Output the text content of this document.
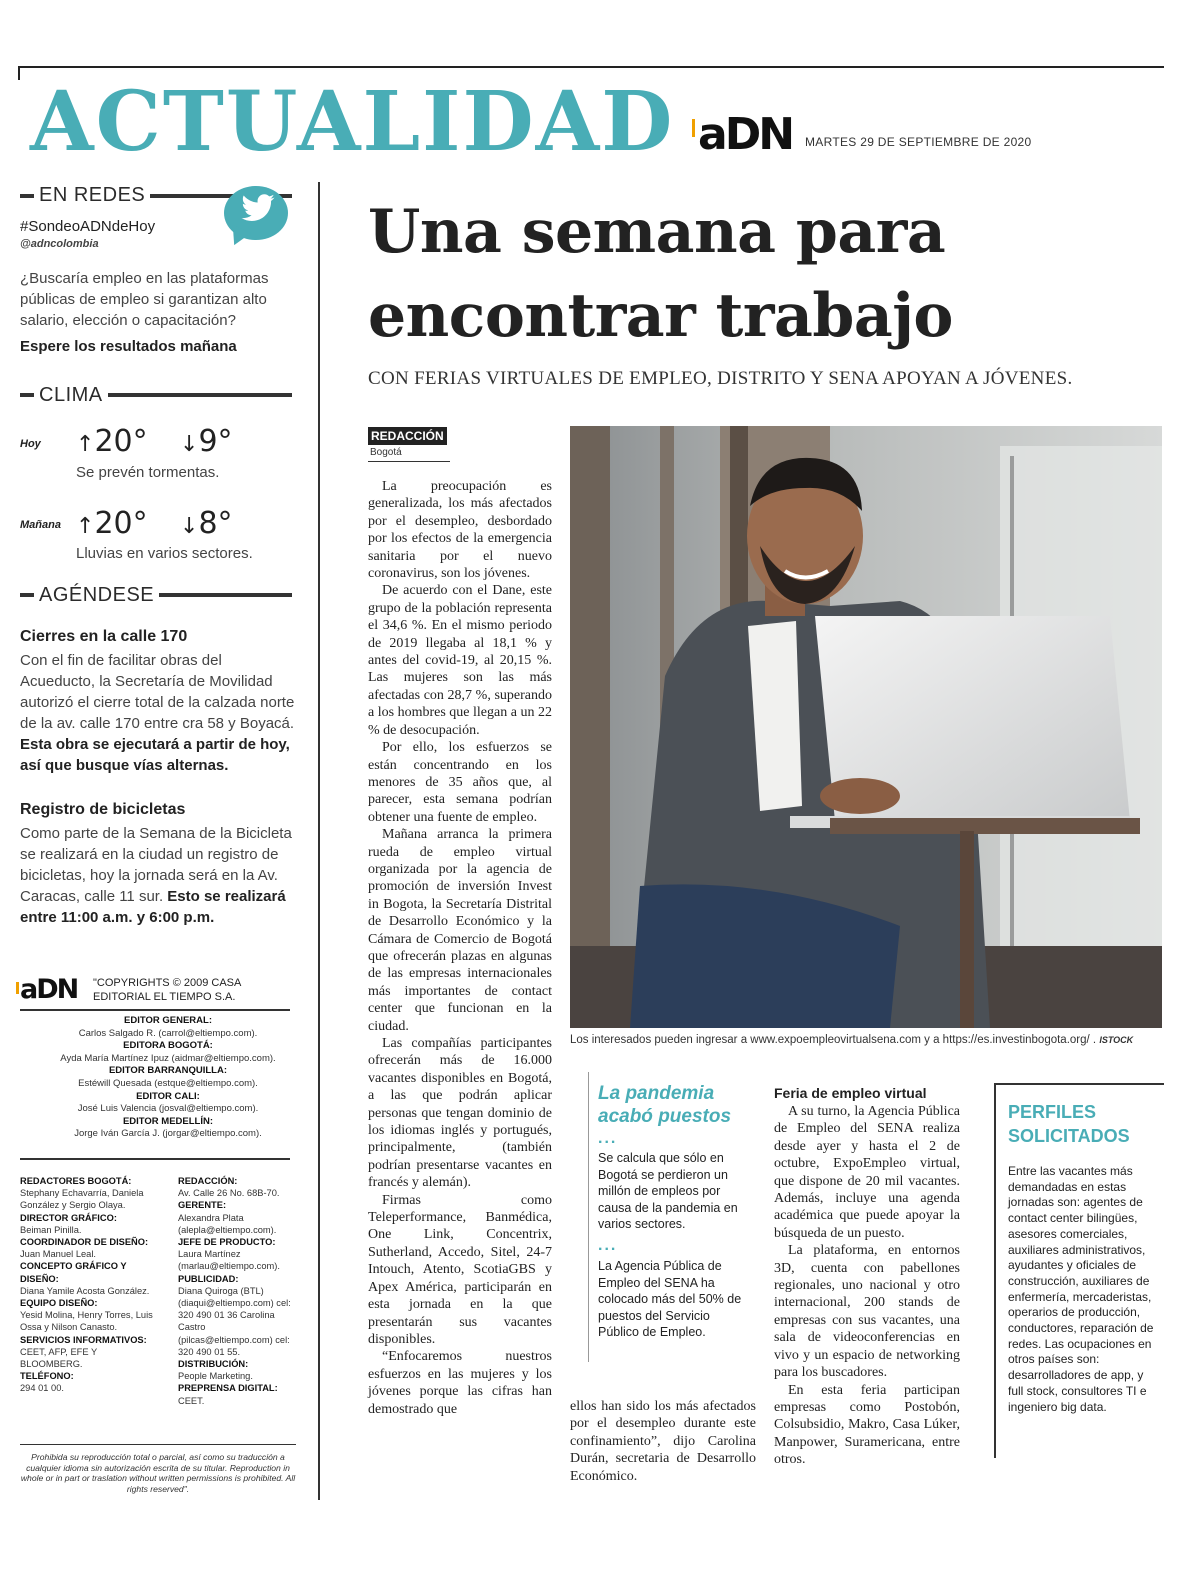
ACTUALIDAD aDN MARTES 29 DE SEPTIEMBRE DE 2020
EN REDES
#SondeoADNdeHoy
@adncolombia
¿Buscaría empleo en las plataformas públicas de empleo si garantizan alto salario, elección o capacitación?
Espere los resultados mañana
CLIMA
Hoy ↑20° ↓9°
Se prevén tormentas.
Mañana ↑20° ↓8°
Lluvias en varios sectores.
AGÉNDESE
Cierres en la calle 170
Con el fin de facilitar obras del Acueducto, la Secretaría de Movilidad autorizó el cierre total de la calzada norte de la av. calle 170 entre cra 58 y Boyacá. Esta obra se ejecutará a partir de hoy, así que busque vías alternas.
Registro de bicicletas
Como parte de la Semana de la Bicicleta se realizará en la ciudad un registro de bicicletas, hoy la jornada será en la Av. Caracas, calle 11 sur. Esto se realizará entre 11:00 a.m. y 6:00 p.m.
aDN "COPYRIGHTS © 2009 CASA
EDITORIAL EL TIEMPO S.A.
EDITOR GENERAL:
Carlos Salgado R. (carrol@eltiempo.com).
EDITORA BOGOTÁ:
Ayda María Martínez Ipuz (aidmar@eltiempo.com).
EDITOR BARRANQUILLA:
Estéwill Quesada (estque@eltiempo.com).
EDITOR CALI:
José Luis Valencia (josval@eltiempo.com).
EDITOR MEDELLÍN:
Jorge Iván García J. (jorgar@eltiempo.com).
REDACTORES BOGOTÁ:
Stephany Echavarría, Daniela González y Sergio Olaya.
DIRECTOR GRÁFICO:
Beiman Pinilla.
COORDINADOR DE DISEÑO:
Juan Manuel Leal.
CONCEPTO GRÁFICO Y DISEÑO:
Diana Yamile Acosta González.
EQUIPO DISEÑO:
Yesid Molina, Henry Torres, Luis Ossa y Nilson Canasto.
SERVICIOS INFORMATIVOS:
CEET, AFP, EFE Y BLOOMBERG.
TELÉFONO:
294 01 00.
REDACCIÓN:
Av. Calle 26 No. 68B-70.
GERENTE:
Alexandra Plata (alepla@eltiempo.com).
JEFE DE PRODUCTO:
Laura Martínez (marlau@eltiempo.com).
PUBLICIDAD:
Diana Quiroga (BTL) (diaqui@eltiempo.com) cel: 320 490 01 36 Carolina Castro (pilcas@eltiempo.com) cel: 320 490 01 55.
DISTRIBUCIÓN:
People Marketing.
PREPRENSA DIGITAL:
CEET.
Prohibida su reproducción total o parcial, así como su traducción a cualquier idioma sin autorización escrita de su titular. Reproduction in whole or in part or traslation without written permissions is prohibited. All rights reserved".
Una semana para encontrar trabajo
CON FERIAS VIRTUALES DE EMPLEO, DISTRITO Y SENA APOYAN A JÓVENES.
REDACCIÓN
Bogotá

La preocupación es generalizada, los más afectados por el desempleo, desbordado por los efectos de la emergencia sanitaria por el nuevo coronavirus, son los jóvenes.

De acuerdo con el Dane, este grupo de la población representa el 34,6 %. En el mismo periodo de 2019 llegaba al 18,1 % y antes del covid-19, al 20,15 %. Las mujeres son las más afectadas con 28,7 %, superando a los hombres que llegan a un 22 % de desocupación.

Por ello, los esfuerzos se están concentrando en los menores de 35 años que, al parecer, esta semana podrían obtener una fuente de empleo.

Mañana arranca la primera rueda de empleo virtual organizada por la agencia de promoción de inversión Invest in Bogota, la Secretaría Distrital de Desarrollo Económico y la Cámara de Comercio de Bogotá que ofrecerán plazas en algunas de las empresas internacionales más importantes de contact center que funcionan en la ciudad.

Las compañías participantes ofrecerán más de 16.000 vacantes disponibles en Bogotá, a las que podrán aplicar personas que tengan dominio de los idiomas inglés y portugués, principalmente, (también podrían presentarse vacantes en francés y alemán).

Firmas como Teleperformance, Banmédica, One Link, Concentrix, Sutherland, Accedo, Sitel, 24-7 Intouch, Atento, ScotiaGBS y Apex América, participarán en esta jornada en la que presentarán sus vacantes disponibles.

“Enfocaremos nuestros esfuerzos en las mujeres y los jóvenes porque las cifras han demostrado que

Los interesados pueden ingresar a www.expoempleovirtualsena.com y a https://es.investinbogota.org/ . ISTOCK
La pandemia acabó puestos
...
Se calcula que sólo en Bogotá se perdieron un millón de empleos por causa de la pandemia en varios sectores.
...
La Agencia Pública de Empleo del SENA ha colocado más del 50% de puestos del Servicio Público de Empleo.

ellos han sido los más afectados por el desempleo durante este confinamiento”, dijo Carolina Durán, secretaria de Desarrollo Económico.

Feria de empleo virtual

A su turno, la Agencia Pública de Empleo del SENA realiza desde ayer y hasta el 2 de octubre, ExpoEmpleo virtual, que dispone de 20 mil vacantes. Además, incluye una agenda académica que puede apoyar la búsqueda de un puesto.

La plataforma, en entornos 3D, cuenta con pabellones regionales, uno nacional y otro internacional, 200 stands de empresas con sus vacantes, una sala de videoconferencias en vivo y un espacio de networking para los buscadores.

En esta feria participan empresas como Postobón, Colsubsidio, Makro, Casa Lúker, Manpower, Suramericana, entre otros.

PERFILES SOLICITADOS
Entre las vacantes más demandadas en estas jornadas son: agentes de contact center bilingües, asesores comerciales, auxiliares administrativos, ayudantes y oficiales de construcción, auxiliares de enfermería, mercaderistas, operarios de producción, conductores, reparación de redes. Las ocupaciones en otros países son: desarrolladores de app, y full stock, consultores TI e ingeniero big data.
